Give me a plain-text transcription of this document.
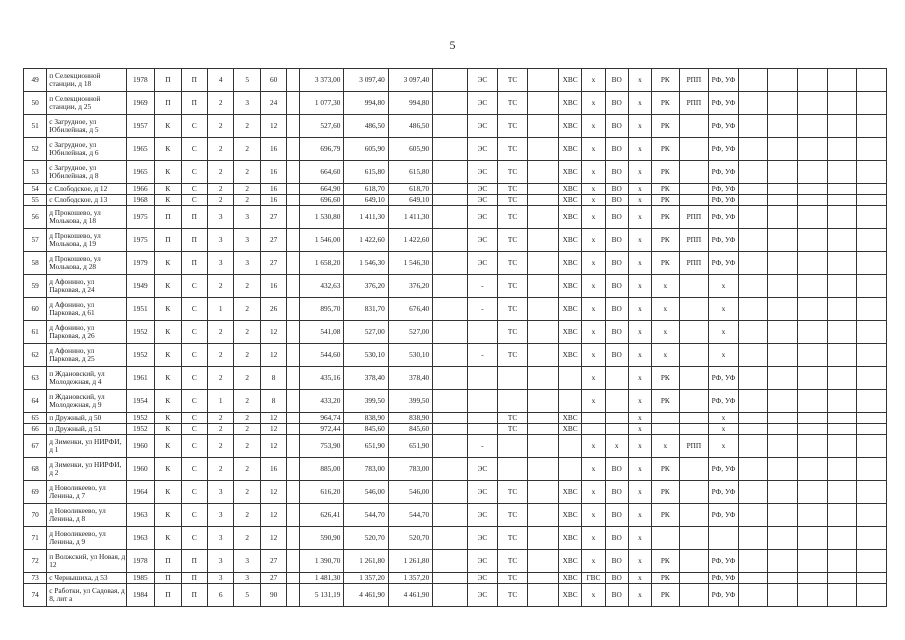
5
49	п Селекционной станции, д 18	1978	П	П	4	5	60		3 373,00	3 097,40	3 097,40		ЭС	ТС		ХВС	х	ВО	х	РК	РПП	РФ, УФ					
50	п Селекционной станции, д 25	1969	П	П	2	3	24		1 077,30	994,80	994,80		ЭС	ТС		ХВС	х	ВО	х	РК	РПП	РФ, УФ					
51	с Загрудное, ул Юбилейная, д 5	1957	К	С	2	2	12		527,60	486,50	486,50		ЭС	ТС		ХВС	х	ВО	х	РК		РФ, УФ					
52	с Загрудное, ул Юбилейная, д 6	1965	К	С	2	2	16		696,79	605,90	605,90		ЭС	ТС		ХВС	х	ВО	х	РК		РФ, УФ					
53	с Загрудное, ул Юбилейная, д 8	1965	К	С	2	2	16		664,60	615,80	615,80		ЭС	ТС		ХВС	х	ВО	х	РК		РФ, УФ					
54	с Слободское, д 12	1966	К	С	2	2	16		664,90	618,70	618,70		ЭС	ТС		ХВС	х	ВО	х	РК		РФ, УФ					
55	с Слободское, д 13	1968	К	С	2	2	16		696,60	649,10	649,10		ЭС	ТС		ХВС	х	ВО	х	РК		РФ, УФ					
56	д Прокошево, ул Молькова, д 18	1975	П	П	3	3	27		1 530,80	1 411,30	1 411,30		ЭС	ТС		ХВС	х	ВО	х	РК	РПП	РФ, УФ					
57	д Прокошево, ул Молькова, д 19	1975	П	П	3	3	27		1 546,00	1 422,60	1 422,60		ЭС	ТС		ХВС	х	ВО	х	РК	РПП	РФ, УФ					
58	д Прокошево, ул Молькова, д 28	1979	К	П	3	3	27		1 658,20	1 546,30	1 546,30		ЭС	ТС		ХВС	х	ВО	х	РК	РПП	РФ, УФ					
59	д Афонино, ул Парковая, д 24	1949	К	С	2	2	16		432,63	376,20	376,20		-	ТС		ХВС	х	ВО	х	х		х					
60	д Афонино, ул Парковая, д 61	1951	К	С	1	2	26		895,70	831,70	676,40		-	ТС		ХВС	х	ВО	х	х		х					
61	д Афонино, ул Парковая, д 26	1952	К	С	2	2	12		541,08	527,00	527,00			ТС		ХВС	х	ВО	х	х		х					
62	д Афонино, ул Парковая, д 25	1952	К	С	2	2	12		544,60	530,10	530,10		-	ТС		ХВС	х	ВО	х	х		х					
63	п Ждановский, ул Молодежная, д 4	1961	К	С	2	2	8		435,16	378,40	378,40						х		х	РК		РФ, УФ					
64	п Ждановский, ул Молодежная, д 9	1954	К	С	1	2	8		433,20	399,50	399,50						х		х	РК		РФ, УФ					
65	п Дружный, д 50	1952	К	С	2	2	12		964,74	838,90	838,90			ТС		ХВС			х			х					
66	п Дружный, д 51	1952	К	С	2	2	12		972,44	845,60	845,60			ТС		ХВС			х			х					
67	д Зименки, ул НИРФИ, д 1	1960	К	С	2	2	12		753,90	651,90	651,90		-				х	х	х	х	РПП	х					
68	д Зименки, ул НИРФИ, д 2	1960	К	С	2	2	16		885,00	783,00	783,00		ЭС				х	ВО	х	РК		РФ, УФ					
69	д Новоликеево, ул Ленина, д 7	1964	К	С	3	2	12		616,20	546,00	546,00		ЭС	ТС		ХВС	х	ВО	х	РК		РФ, УФ					
70	д Новоликеево, ул Ленина, д 8	1963	К	С	3	2	12		626,41	544,70	544,70		ЭС	ТС		ХВС	х	ВО	х	РК		РФ, УФ					
71	д Новоликеево, ул Ленина, д 9	1963	К	С	3	2	12		590,90	520,70	520,70		ЭС	ТС		ХВС	х	ВО	х								
72	п Волжский, ул Новая, д 12	1978	П	П	3	3	27		1 390,70	1 261,80	1 261,80		ЭС	ТС		ХВС	х	ВО	х	РК		РФ, УФ					
73	с Чернышиха, д 53	1985	П	П	3	3	27		1 481,30	1 357,20	1 357,20		ЭС	ТС		ХВС	ГВС	ВО	х	РК		РФ, УФ					
74	с Работки, ул Садовая, д 8, лит а	1984	П	П	6	5	90		5 131,19	4 461,90	4 461,90		ЭС	ТС		ХВС	х	ВО	х	РК		РФ, УФ					
